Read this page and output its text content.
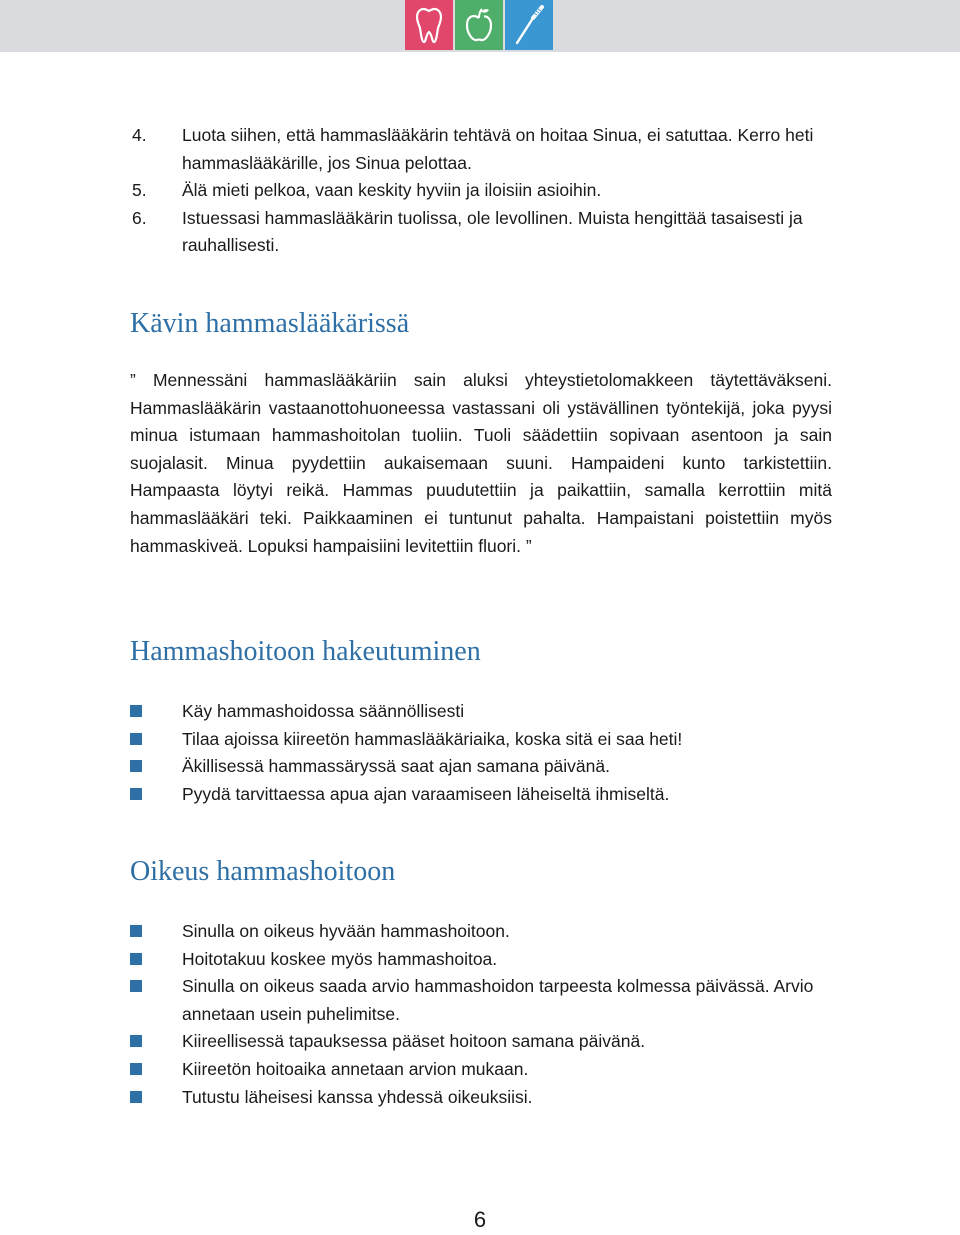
4.	Luota siihen, että hammaslääkärin tehtävä on hoitaa Sinua, ei satuttaa. Kerro heti hammaslääkärille, jos Sinua pelottaa.
5.	Älä mieti pelkoa, vaan keskity hyviin ja iloisiin asioihin.
6.	Istuessasi hammaslääkärin tuolissa, ole levollinen. Muista hengittää tasaisesti ja rauhallisesti.
Kävin hammaslääkärissä

” Mennessäni hammaslääkäriin sain aluksi yhteystietolomakkeen täytettäväkseni. Hammaslääkärin vastaanottohuoneessa vastassani oli ystävällinen työntekijä, joka pyysi minua istumaan hammashoitolan tuoliin. Tuoli säädettiin sopivaan asentoon ja sain suojalasit. Minua pyydettiin aukaisemaan suuni. Hampaideni kunto tarkistettiin. Hampaasta löytyi reikä. Hammas puudutettiin ja paikattiin, samalla kerrottiin mitä hammaslääkäri teki. Paikkaaminen ei tuntunut pahalta. Hampaistani poistettiin myös hammaskiveä. Lopuksi hampaisiini levitettiin fluori. ”

Hammashoitoon hakeutuminen
Käy hammashoidossa säännöllisesti
Tilaa ajoissa kiireetön hammaslääkäriaika, koska sitä ei saa heti!
Äkillisessä hammassäryssä saat ajan samana päivänä.
Pyydä tarvittaessa apua ajan varaamiseen läheiseltä ihmiseltä.
Oikeus hammashoitoon
Sinulla on oikeus hyvään hammashoitoon.
Hoitotakuu koskee myös hammashoitoa.
Sinulla on oikeus saada arvio hammashoidon tarpeesta kolmessa päivässä. Arvio annetaan usein puhelimitse.
Kiireellisessä tapauksessa pääset hoitoon samana päivänä.
Kiireetön hoitoaika annetaan arvion mukaan.
Tutustu läheisesi kanssa yhdessä oikeuksiisi.
6
